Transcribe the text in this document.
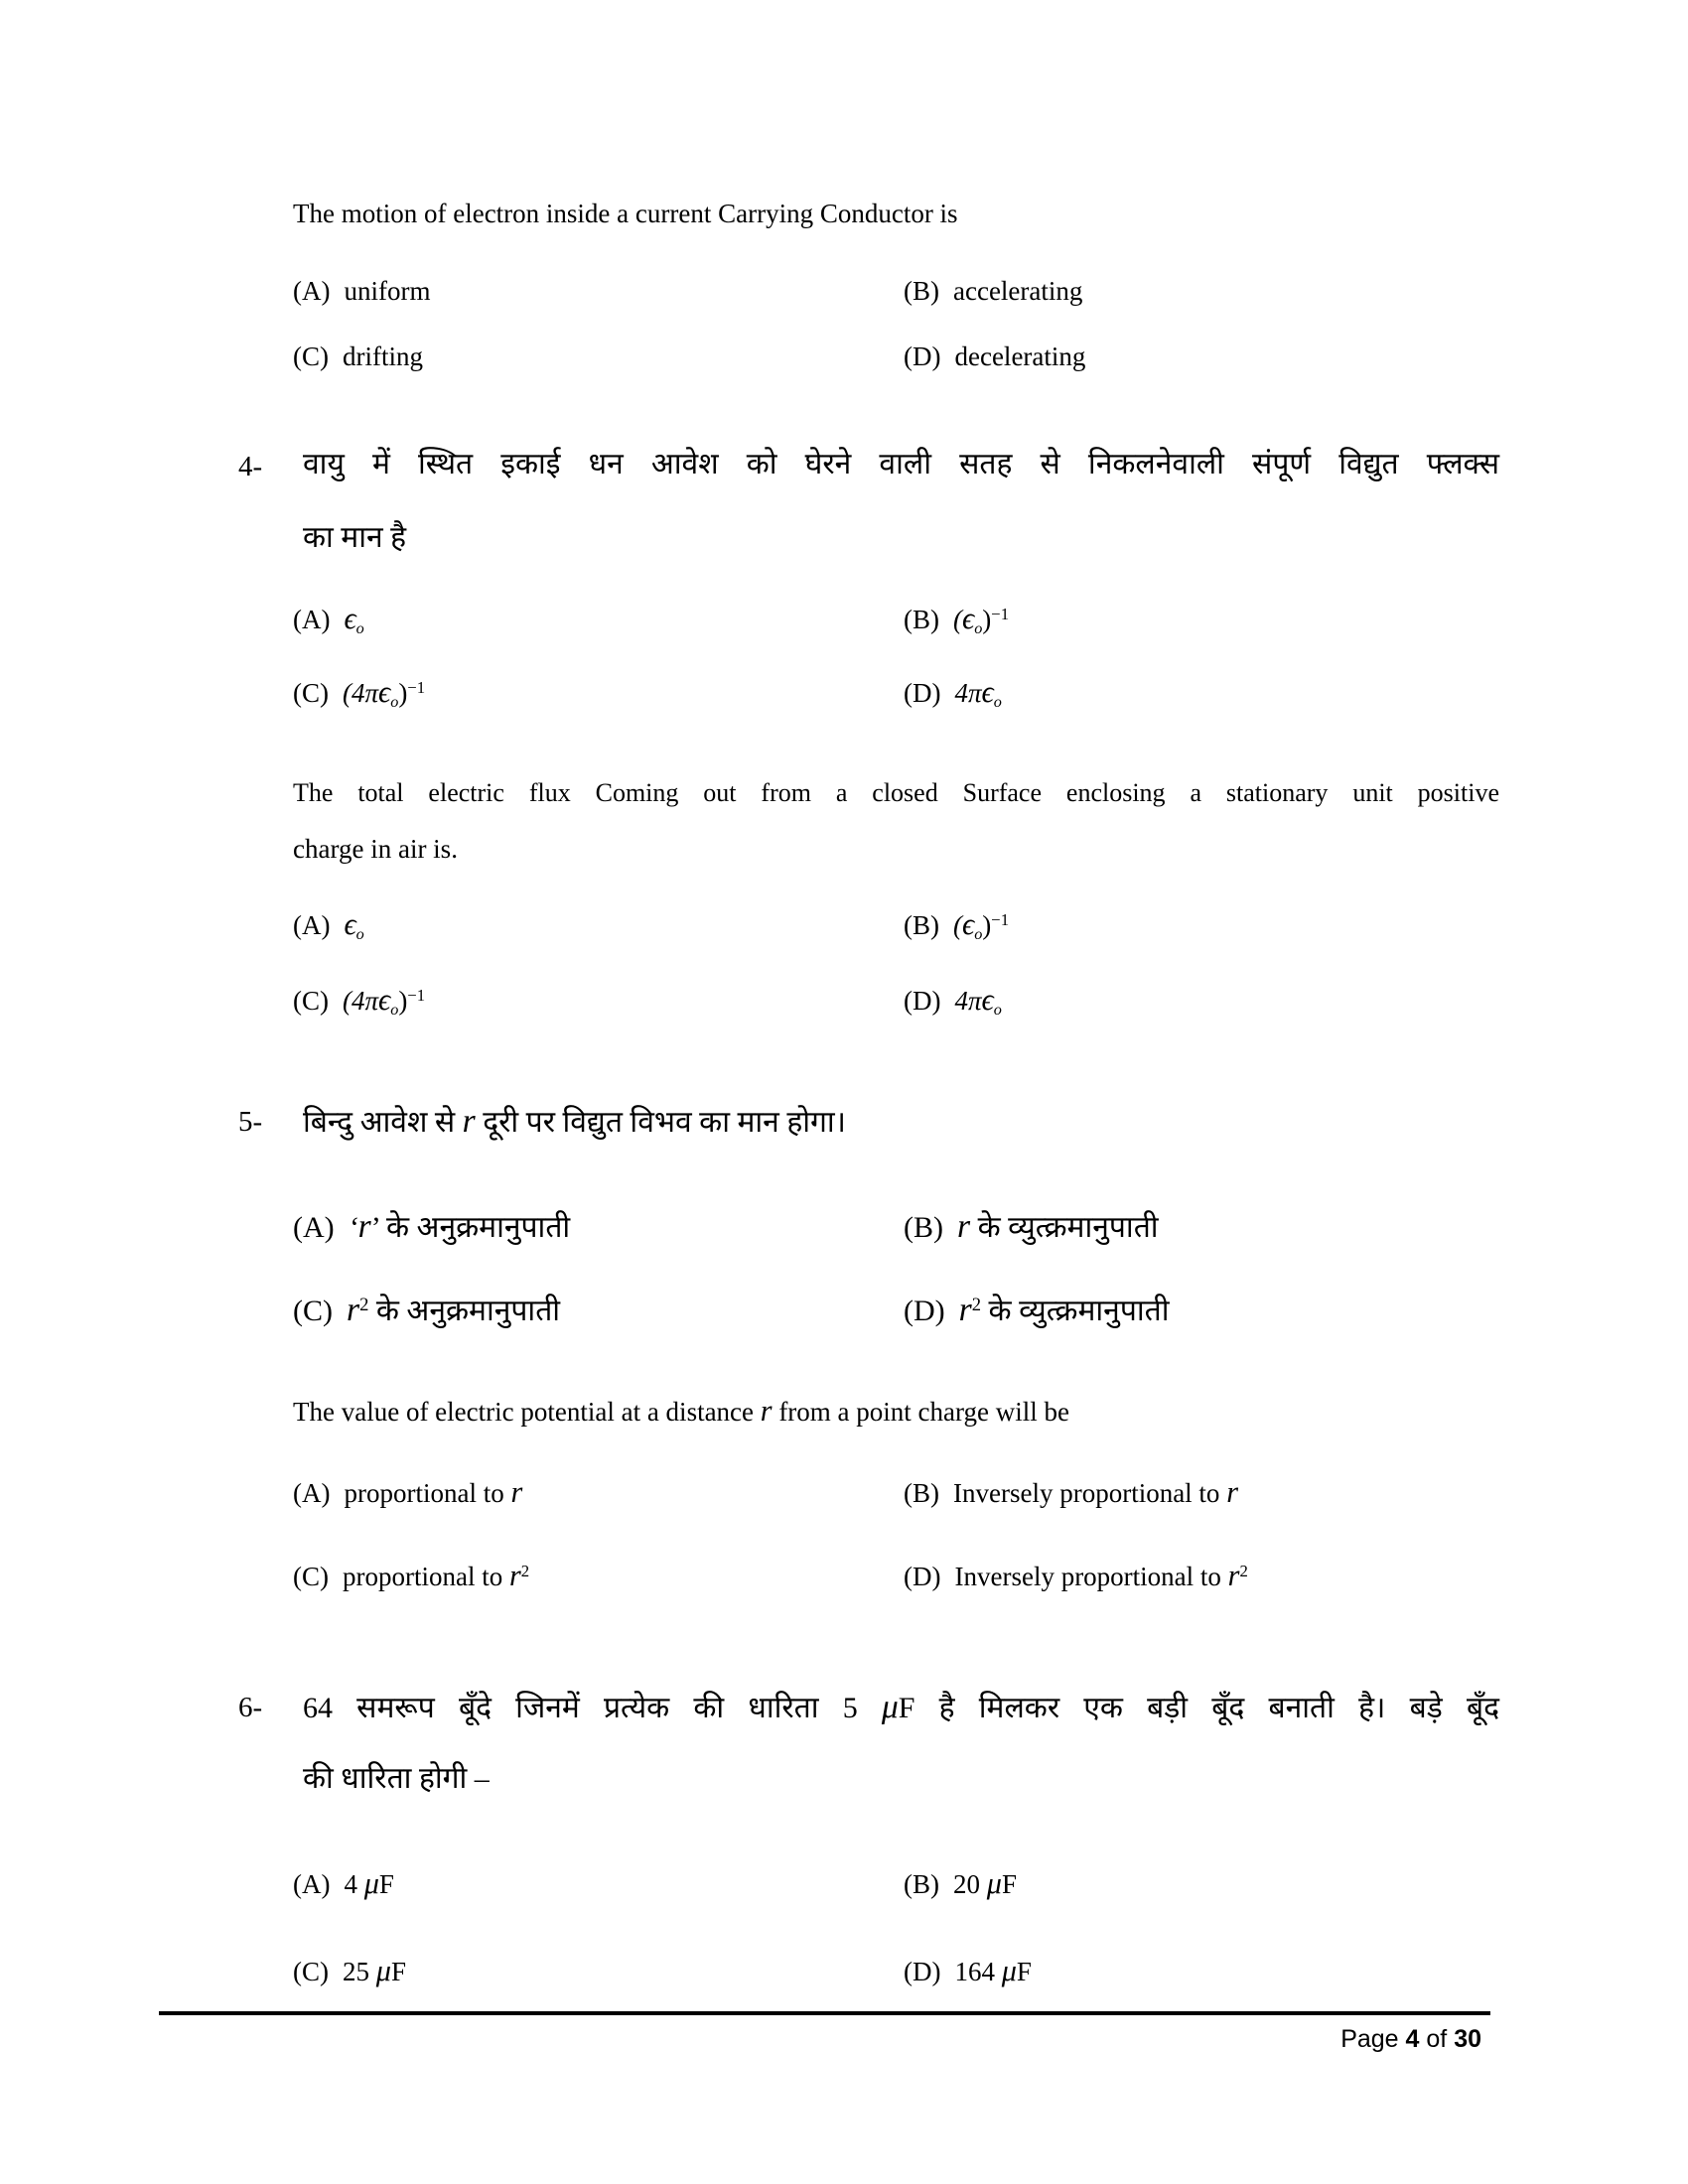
The motion of electron inside a current Carrying Conductor is
(A) uniform	(B) accelerating
(C) drifting	(D) decelerating
4- वायु में स्थित इकाई धन आवेश को घेरने वाली सतह से निकलनेवाली संपूर्ण विद्युत फ्लक्स
का मान है
(A) $\epsilon_o$	(B) $(\epsilon_o)^{-1}$
(C) $(4\pi\epsilon_o)^{-1}$	(D) $4\pi\epsilon_o$
The total electric flux Coming out from a closed Surface enclosing a stationary unit positive
charge in air is.
(A) $\epsilon_o$	(B) $(\epsilon_o)^{-1}$
(C) $(4\pi\epsilon_o)^{-1}$	(D) $4\pi\epsilon_o$
5- बिन्दु आवेश से r दूरी पर विद्युत विभव का मान होगा।
(A) ‘r’ के अनुक्रमानुपाती	(B) r के व्युत्क्रमानुपाती
(C) $r^2$ के अनुक्रमानुपाती	(D) $r^2$ के व्युत्क्रमानुपाती
The value of electric potential at a distance r from a point charge will be
(A) proportional to r	(B) Inversely proportional to r
(C) proportional to $r^2$	(D) Inversely proportional to $r^2$
6- 64 समरूप बूँदे जिनमें प्रत्येक की धारिता 5 μF है मिलकर एक बड़ी बूँद बनाती है। बड़े बूँद
की धारिता होगी –
(A) 4 μF	(B) 20 μF
(C) 25 μF	(D) 164 μF
Page 4 of 30
